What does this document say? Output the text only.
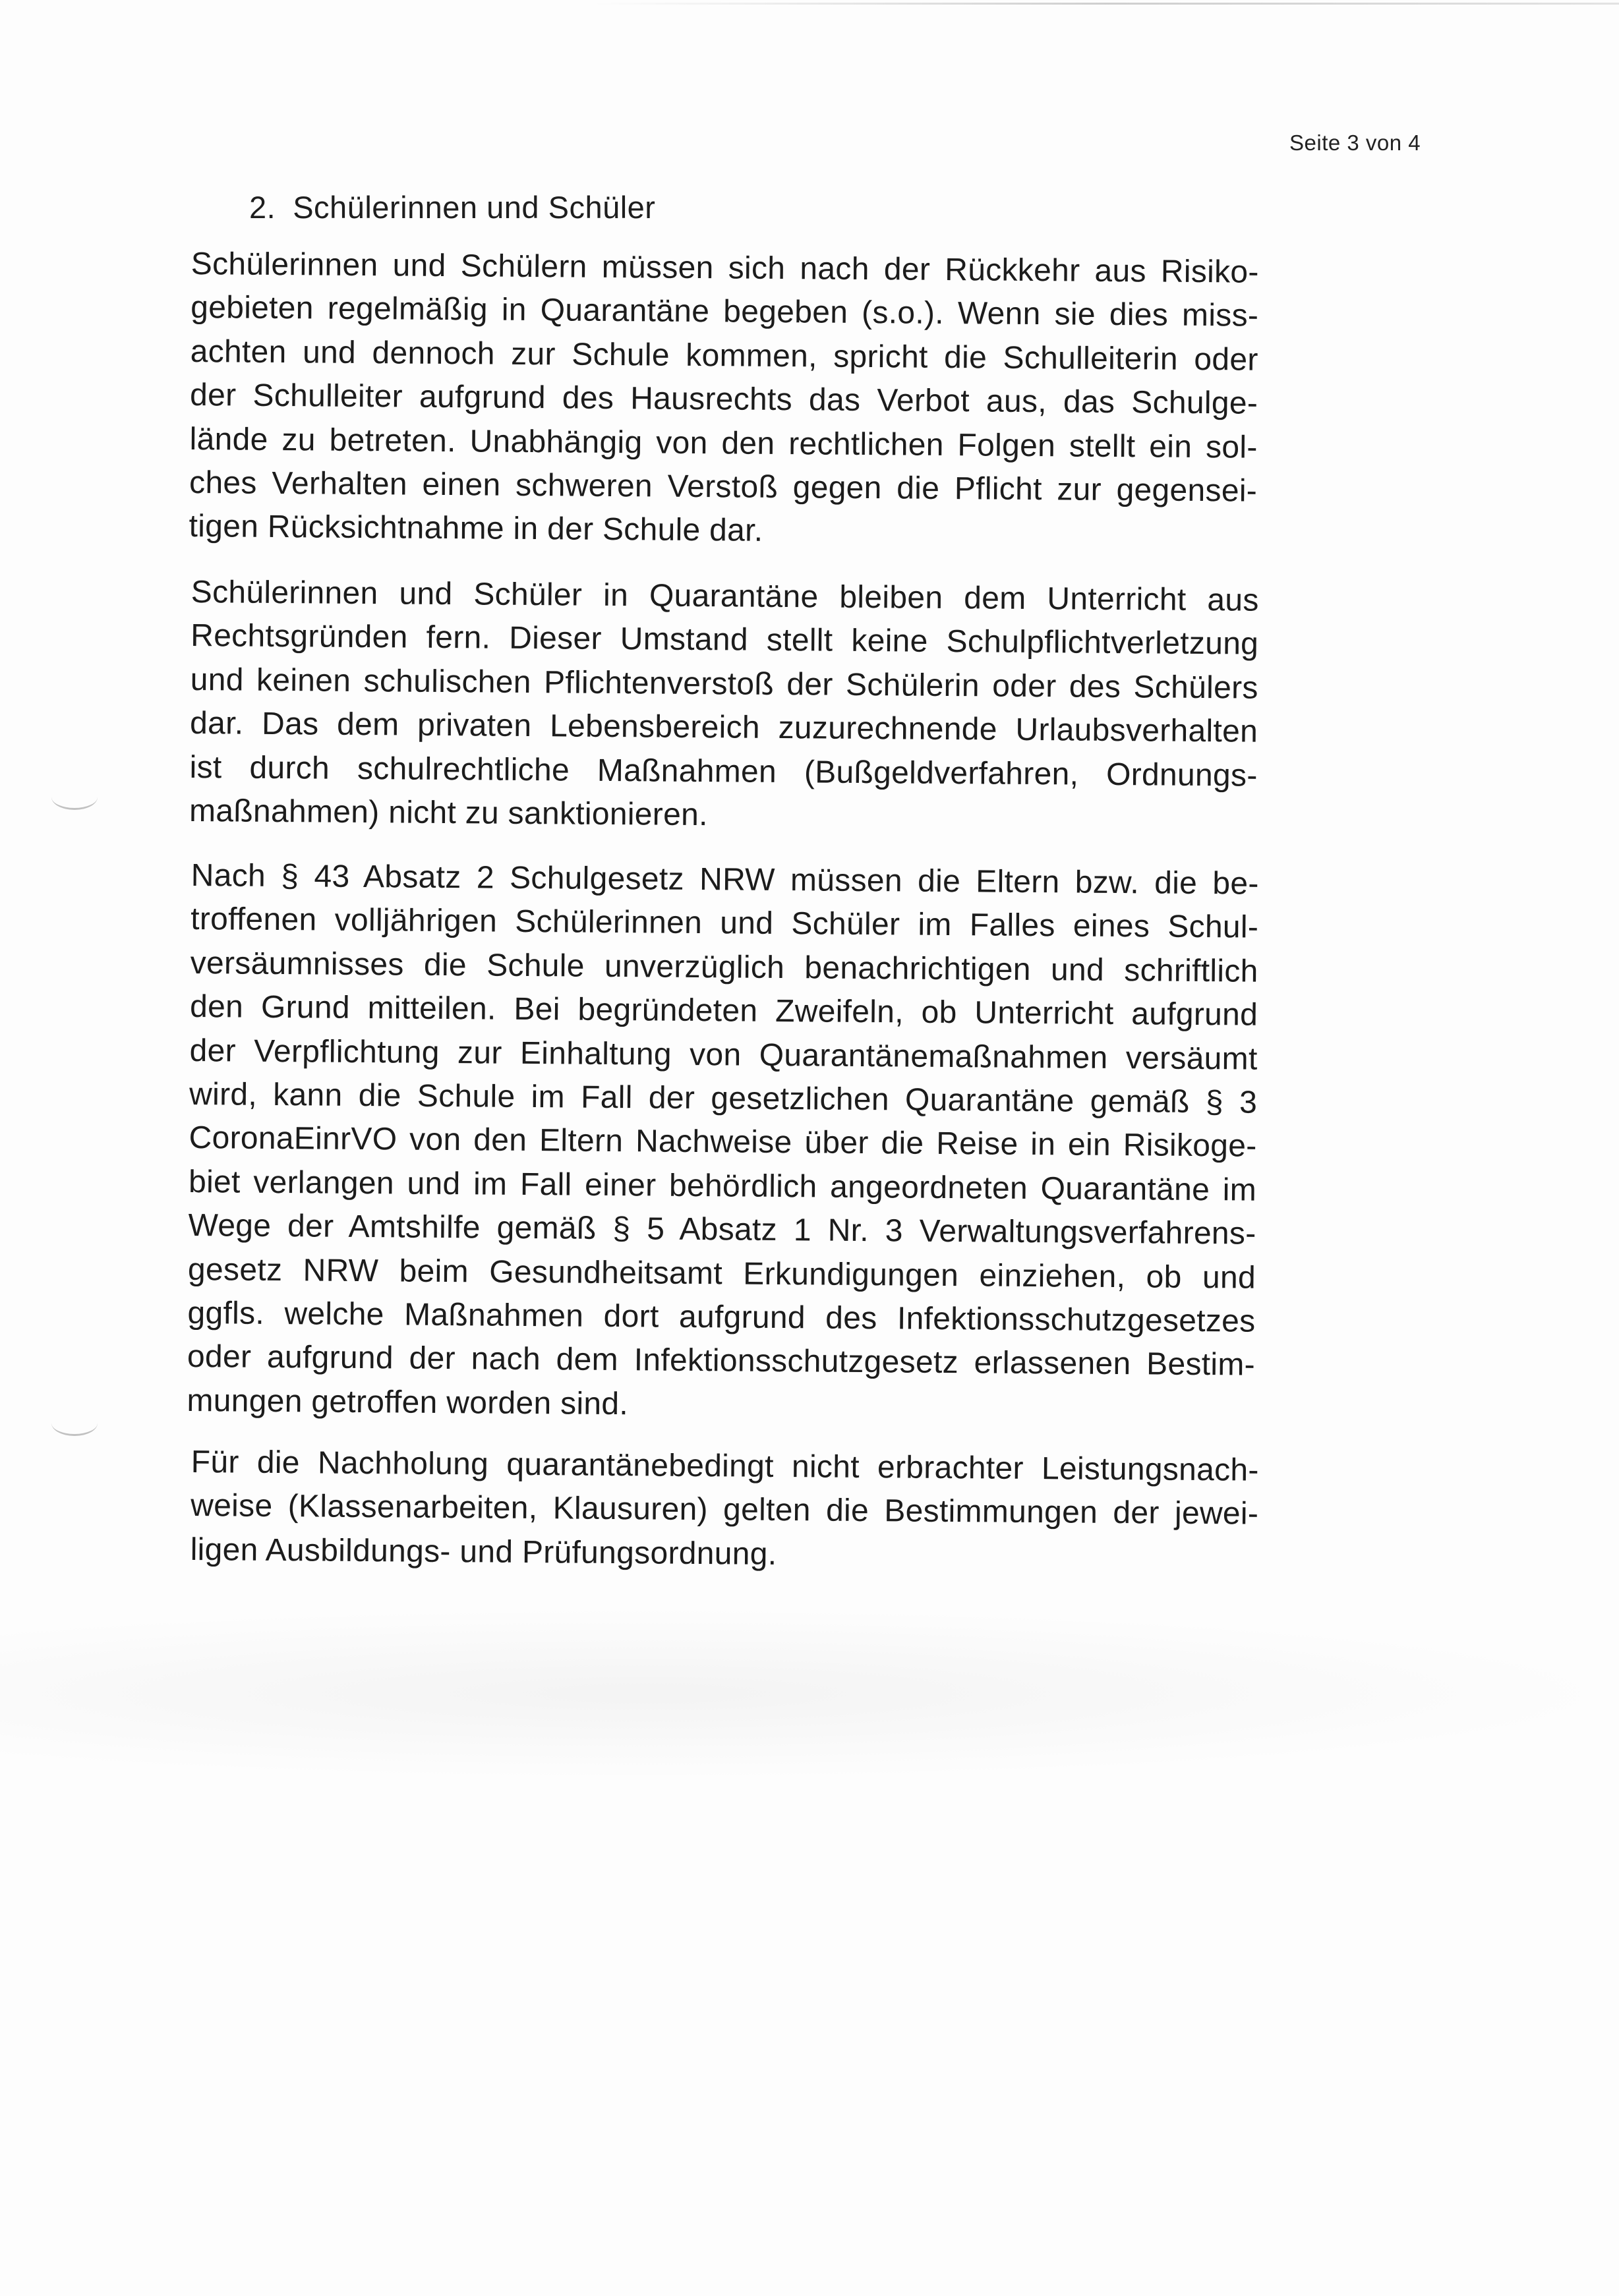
Seite 3 von 4
2. Schülerinnen und Schüler

Schülerinnen und Schülern müssen sich nach der Rückkehr aus Risiko-
gebieten regelmäßig in Quarantäne begeben (s.o.). Wenn sie dies miss-
achten und dennoch zur Schule kommen, spricht die Schulleiterin oder
der Schulleiter aufgrund des Hausrechts das Verbot aus, das Schulge-
lände zu betreten. Unabhängig von den rechtlichen Folgen stellt ein sol-
ches Verhalten einen schweren Verstoß gegen die Pflicht zur gegensei-
tigen Rücksichtnahme in der Schule dar.

Schülerinnen und Schüler in Quarantäne bleiben dem Unterricht aus
Rechtsgründen fern. Dieser Umstand stellt keine Schulpflichtverletzung
und keinen schulischen Pflichtenverstoß der Schülerin oder des Schülers
dar. Das dem privaten Lebensbereich zuzurechnende Urlaubsverhalten
ist durch schulrechtliche Maßnahmen (Bußgeldverfahren, Ordnungs-
maßnahmen) nicht zu sanktionieren.

Nach § 43 Absatz 2 Schulgesetz NRW müssen die Eltern bzw. die be-
troffenen volljährigen Schülerinnen und Schüler im Falles eines Schul-
versäumnisses die Schule unverzüglich benachrichtigen und schriftlich
den Grund mitteilen. Bei begründeten Zweifeln, ob Unterricht aufgrund
der Verpflichtung zur Einhaltung von Quarantänemaßnahmen versäumt
wird, kann die Schule im Fall der gesetzlichen Quarantäne gemäß § 3
CoronaEinrVO von den Eltern Nachweise über die Reise in ein Risikoge-
biet verlangen und im Fall einer behördlich angeordneten Quarantäne im
Wege der Amtshilfe gemäß § 5 Absatz 1 Nr. 3 Verwaltungsverfahrens-
gesetz NRW beim Gesundheitsamt Erkundigungen einziehen, ob und
ggfls. welche Maßnahmen dort aufgrund des Infektionsschutzgesetzes
oder aufgrund der nach dem Infektionsschutzgesetz erlassenen Bestim-
mungen getroffen worden sind.

Für die Nachholung quarantänebedingt nicht erbrachter Leistungsnach-
weise (Klassenarbeiten, Klausuren) gelten die Bestimmungen der jewei-
ligen Ausbildungs- und Prüfungsordnung.
